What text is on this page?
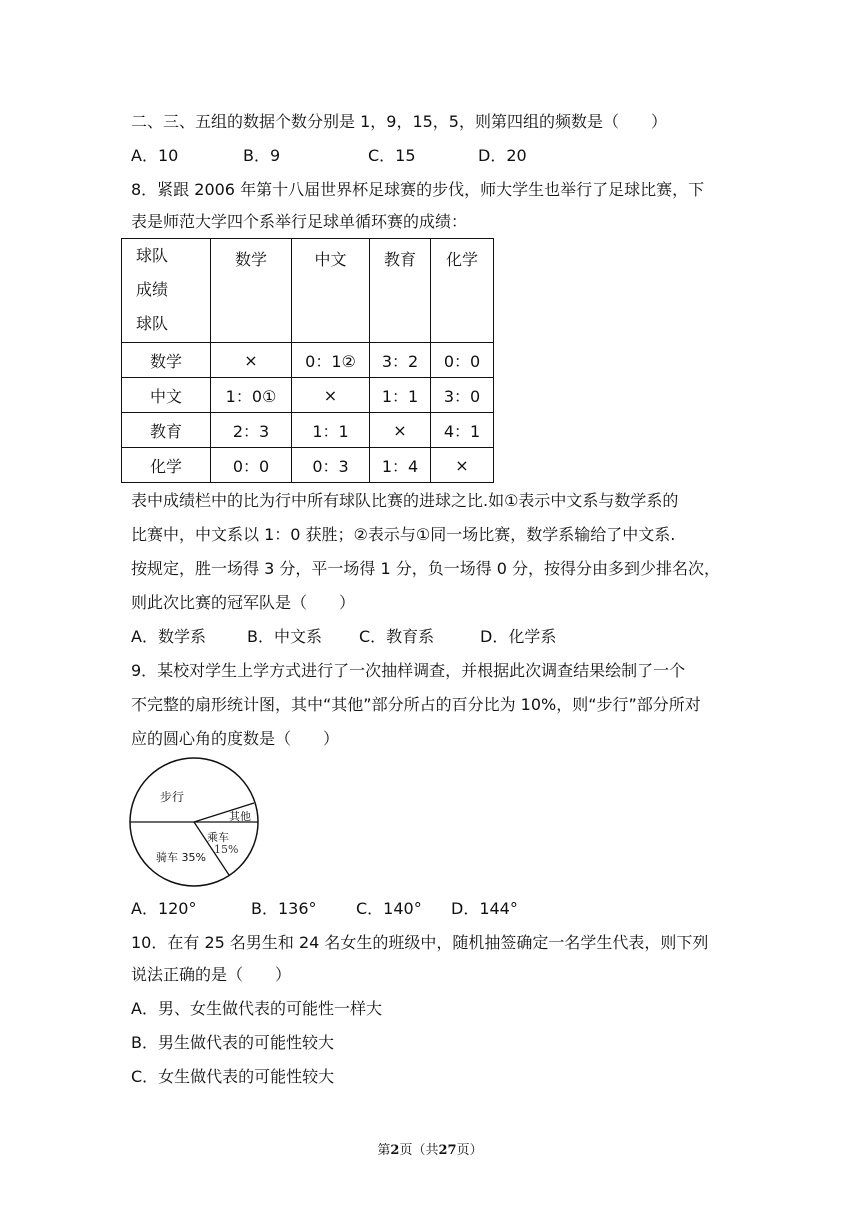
二、三、五组的数据个数分别是 1，9，15，5，则第四组的频数是（　　）
A．10	B．9	C．15	D．20
8．紧跟 2006 年第十八届世界杯足球赛的步伐，师大学生也举行了足球比赛，下
表是师范大学四个系举行足球单循环赛的成绩：
球队
成绩
球队	数学	中文	教育	化学
数学	×	0：1②	3：2	0：0
中文	1：0①	×	1：1	3：0
教育	2：3	1：1	×	4：1
化学	0：0	0：3	1：4	×
表中成绩栏中的比为行中所有球队比赛的进球之比.如①表示中文系与数学系的
比赛中，中文系以 1：0 获胜；②表示与①同一场比赛，数学系输给了中文系.
按规定，胜一场得 3 分，平一场得 1 分，负一场得 0 分，按得分由多到少排名次，
则此次比赛的冠军队是（　　）
A．数学系	B．中文系 C．教育系	D．化学系
9．某校对学生上学方式进行了一次抽样调查，并根据此次调查结果绘制了一个
不完整的扇形统计图，其中“其他”部分所占的百分比为 10%，则“步行”部分所对
应的圆心角的度数是（　　）
步行
其他
乘车
15%
骑车 35%
A．120°	B．136° C．140° D．144°
10．在有 25 名男生和 24 名女生的班级中，随机抽签确定一名学生代表，则下列
说法正确的是（　　）
A．男、女生做代表的可能性一样大
B．男生做代表的可能性较大
C．女生做代表的可能性较大
第2页（共27页）
